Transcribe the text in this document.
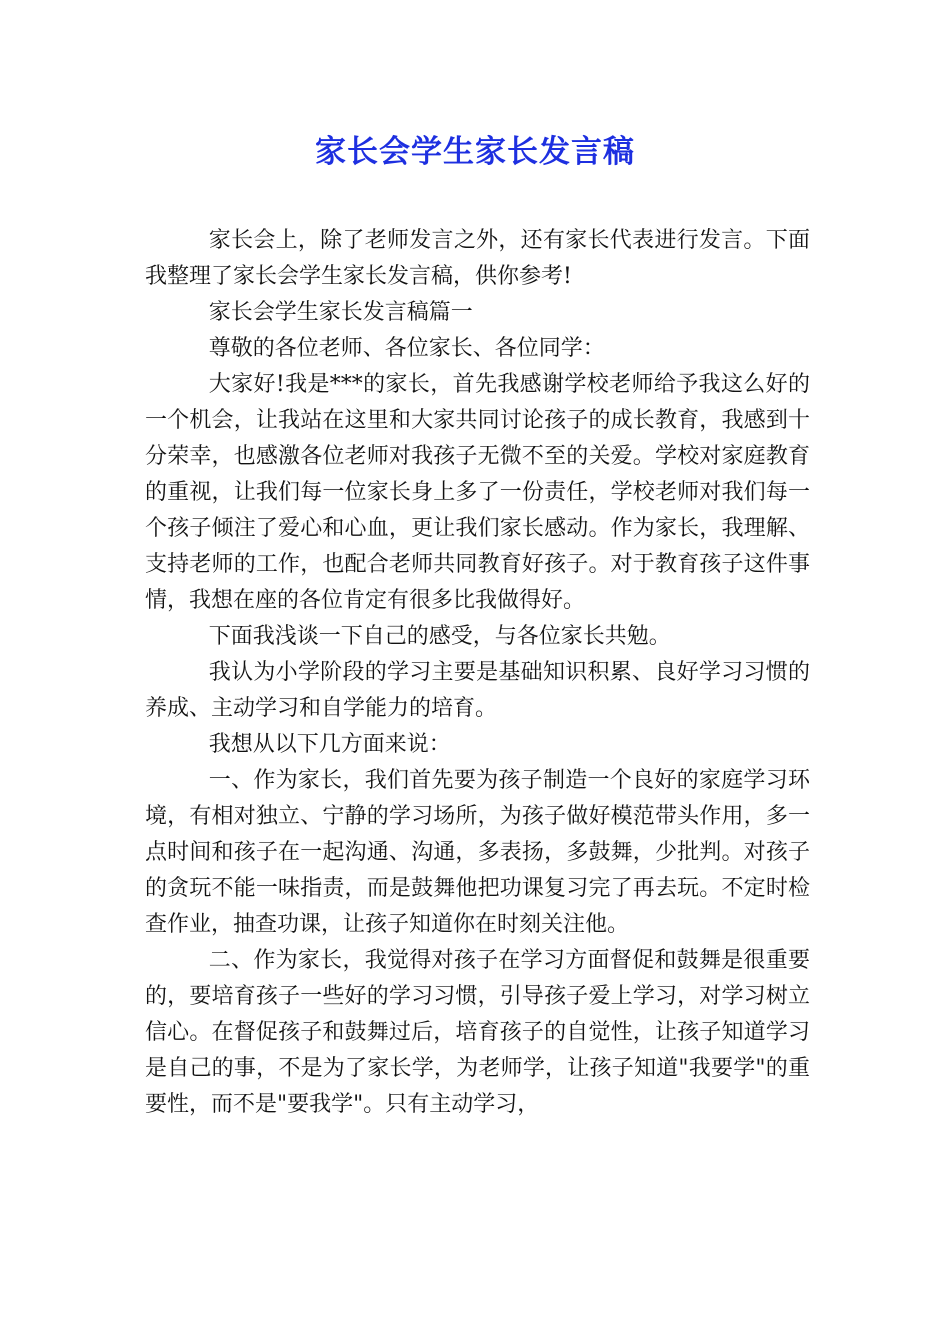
家长会学生家长发言稿

家长会上，除了老师发言之外，还有家长代表进行发言。下面我整理了家长会学生家长发言稿，供你参考!

家长会学生家长发言稿篇一

尊敬的各位老师、各位家长、各位同学：

大家好!我是***的家长，首先我感谢学校老师给予我这么好的一个机会，让我站在这里和大家共同讨论孩子的成长教育，我感到十分荣幸，也感激各位老师对我孩子无微不至的关爱。学校对家庭教育的重视，让我们每一位家长身上多了一份责任，学校老师对我们每一个孩子倾注了爱心和心血，更让我们家长感动。作为家长，我理解、支持老师的工作，也配合老师共同教育好孩子。对于教育孩子这件事情，我想在座的各位肯定有很多比我做得好。

下面我浅谈一下自己的感受，与各位家长共勉。

我认为小学阶段的学习主要是基础知识积累、良好学习习惯的养成、主动学习和自学能力的培育。

我想从以下几方面来说：

一、作为家长，我们首先要为孩子制造一个良好的家庭学习环境，有相对独立、宁静的学习场所，为孩子做好模范带头作用，多一点时间和孩子在一起沟通、沟通，多表扬，多鼓舞，少批判。对孩子的贪玩不能一味指责，而是鼓舞他把功课复习完了再去玩。不定时检查作业，抽查功课，让孩子知道你在时刻关注他。

二、作为家长，我觉得对孩子在学习方面督促和鼓舞是很重要的，要培育孩子一些好的学习习惯，引导孩子爱上学习，对学习树立信心。在督促孩子和鼓舞过后，培育孩子的自觉性，让孩子知道学习是自己的事，不是为了家长学，为老师学，让孩子知道"我要学"的重要性，而不是"要我学"。只有主动学习，
